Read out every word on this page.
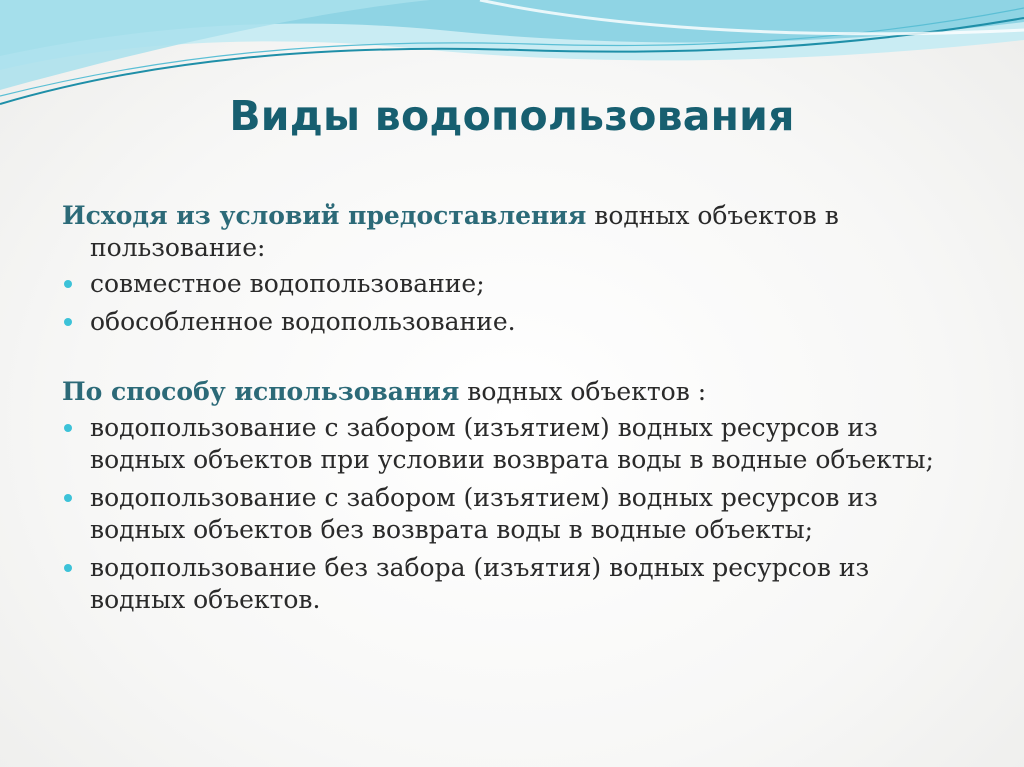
Виды водопользования

Исходя из условий предоставления водных объектов в
пользование:

совместное водопользование;
обособленное водопользование.

По способу использования водных объектов :

водопользование с забором (изъятием) водных ресурсов из водных объектов при условии возврата воды в водные объекты;
водопользование с забором (изъятием) водных ресурсов из водных объектов без возврата воды в водные объекты;
водопользование без забора (изъятия) водных ресурсов из водных объектов.
